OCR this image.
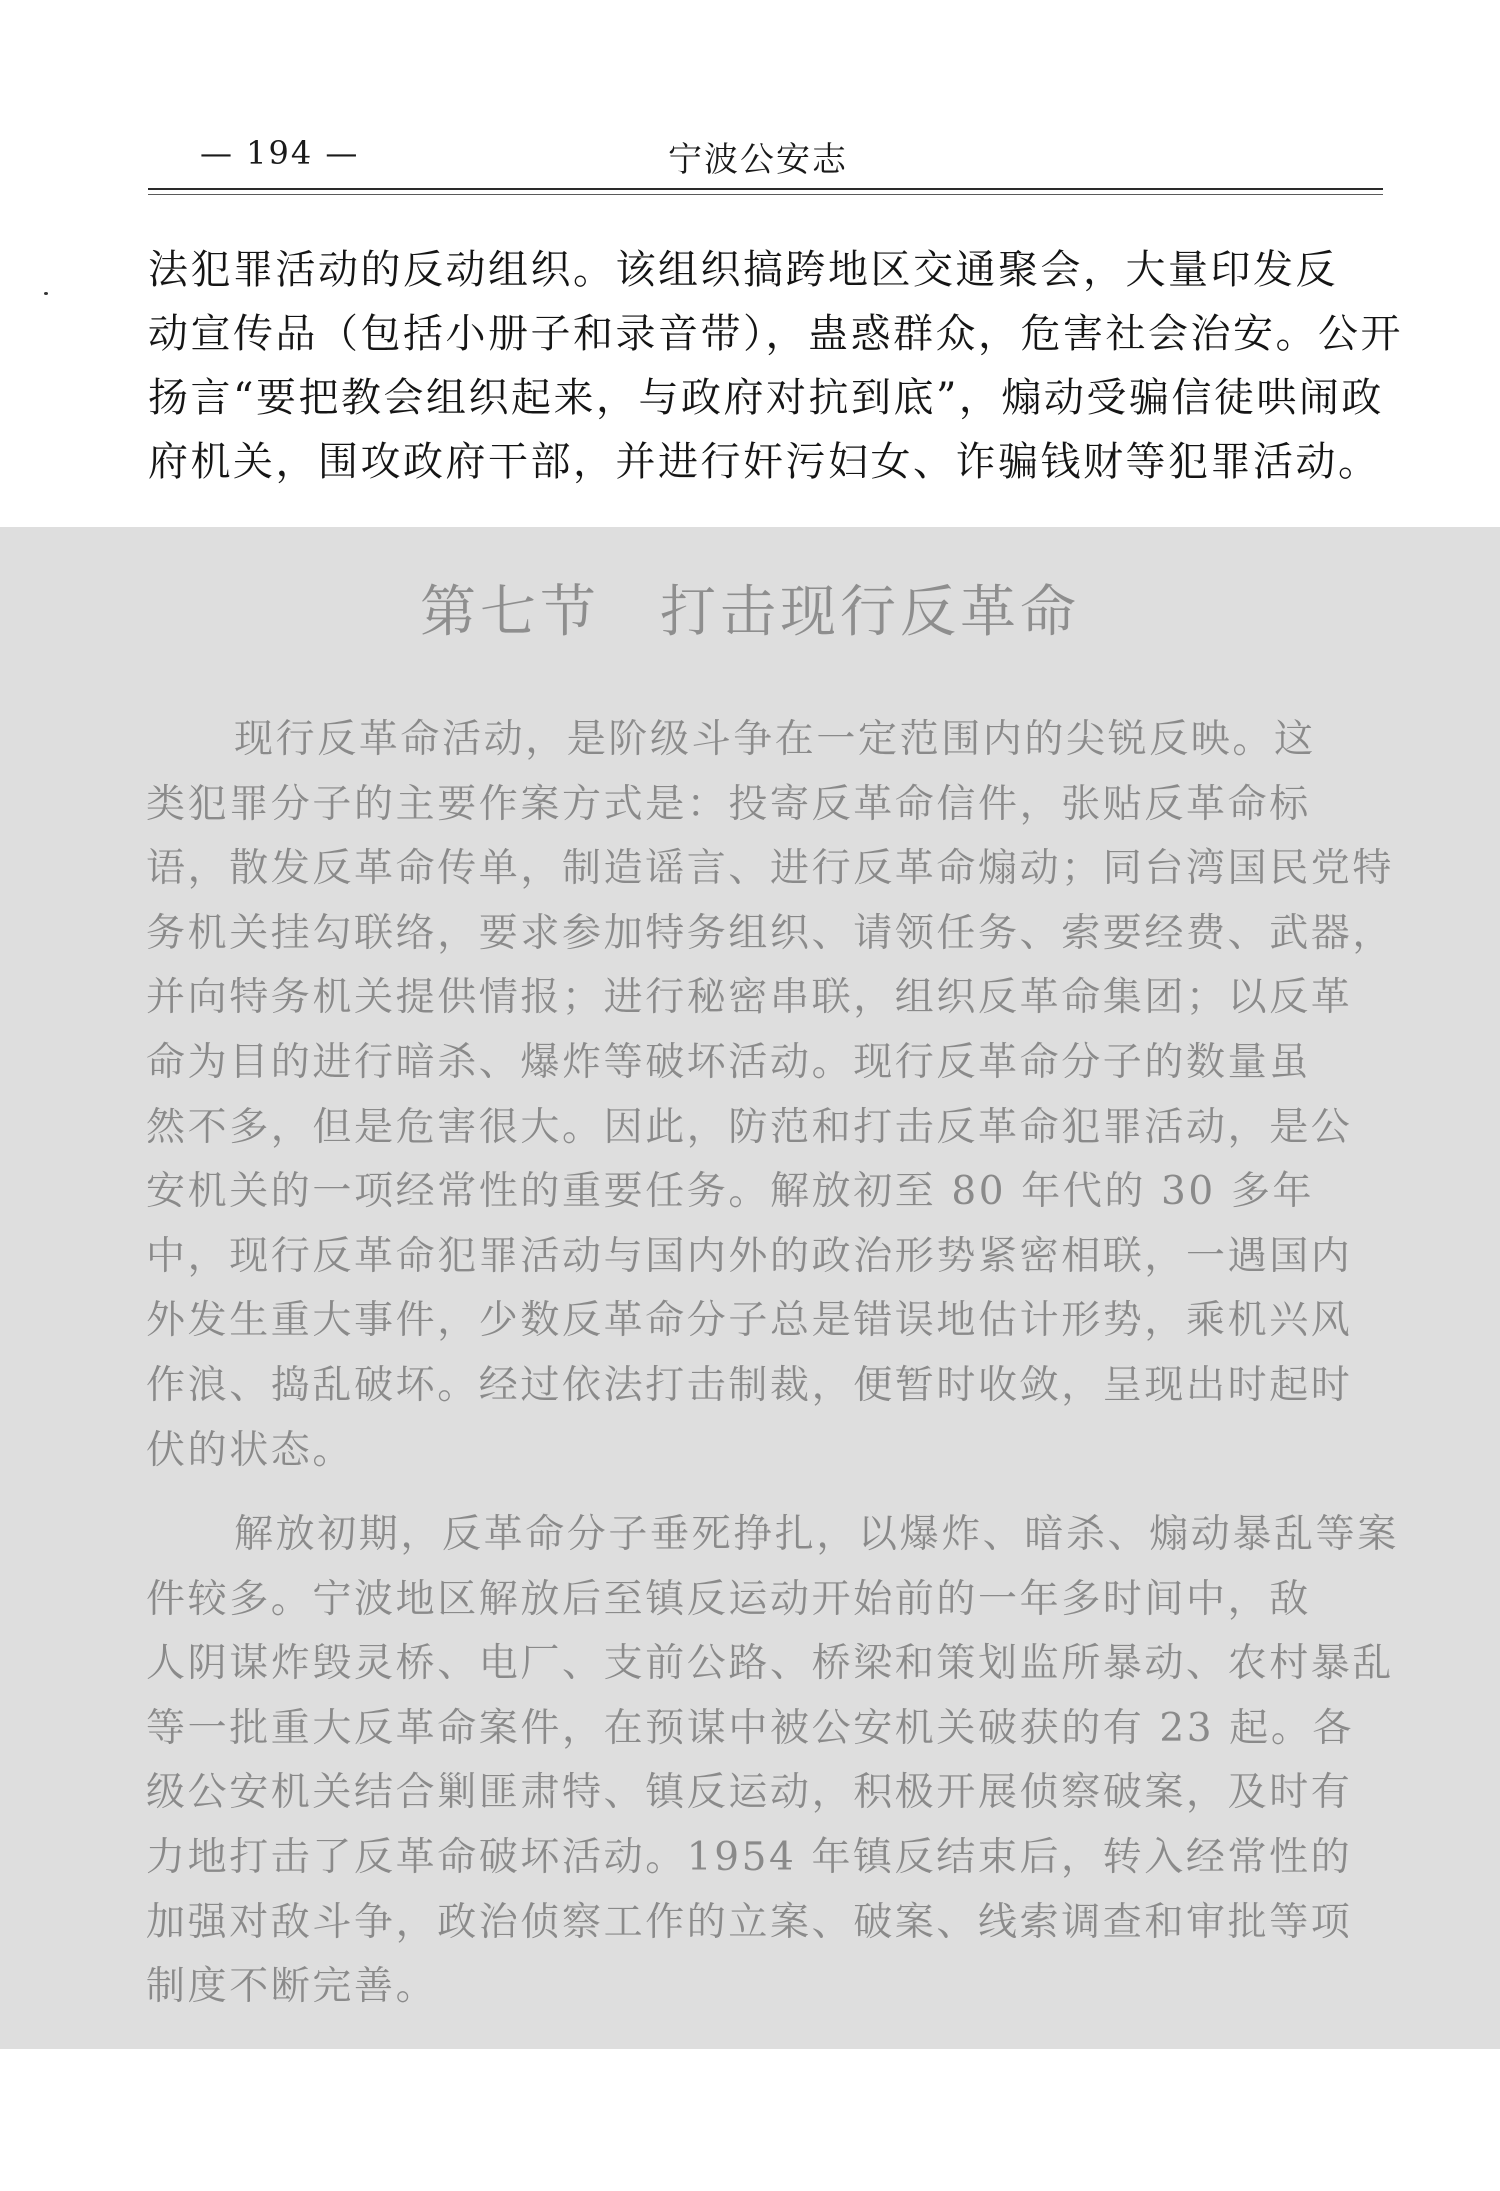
— 194 —	宁波公安志
法犯罪活动的反动组织。该组织搞跨地区交通聚会，大量印发反
动宣传品（包括小册子和录音带），蛊惑群众，危害社会治安。公开
扬言“要把教会组织起来，与政府对抗到底”，煽动受骗信徒哄闹政
府机关，围攻政府干部，并进行奸污妇女、诈骗钱财等犯罪活动。
第七节 打击现行反革命
现行反革命活动，是阶级斗争在一定范围内的尖锐反映。这
类犯罪分子的主要作案方式是：投寄反革命信件，张贴反革命标
语，散发反革命传单，制造谣言、进行反革命煽动；同台湾国民党特
务机关挂勾联络，要求参加特务组织、请领任务、索要经费、武器，
并向特务机关提供情报；进行秘密串联，组织反革命集团；以反革
命为目的进行暗杀、爆炸等破坏活动。现行反革命分子的数量虽
然不多，但是危害很大。因此，防范和打击反革命犯罪活动，是公
安机关的一项经常性的重要任务。解放初至 80 年代的 30 多年
中，现行反革命犯罪活动与国内外的政治形势紧密相联，一遇国内
外发生重大事件，少数反革命分子总是错误地估计形势，乘机兴风
作浪、捣乱破坏。经过依法打击制裁，便暂时收敛，呈现出时起时
伏的状态。
解放初期，反革命分子垂死挣扎，以爆炸、暗杀、煽动暴乱等案
件较多。宁波地区解放后至镇反运动开始前的一年多时间中，敌
人阴谋炸毁灵桥、电厂、支前公路、桥梁和策划监所暴动、农村暴乱
等一批重大反革命案件，在预谋中被公安机关破获的有 23 起。各
级公安机关结合剿匪肃特、镇反运动，积极开展侦察破案，及时有
力地打击了反革命破坏活动。1954 年镇反结束后，转入经常性的
加强对敌斗争，政治侦察工作的立案、破案、线索调查和审批等项
制度不断完善。
